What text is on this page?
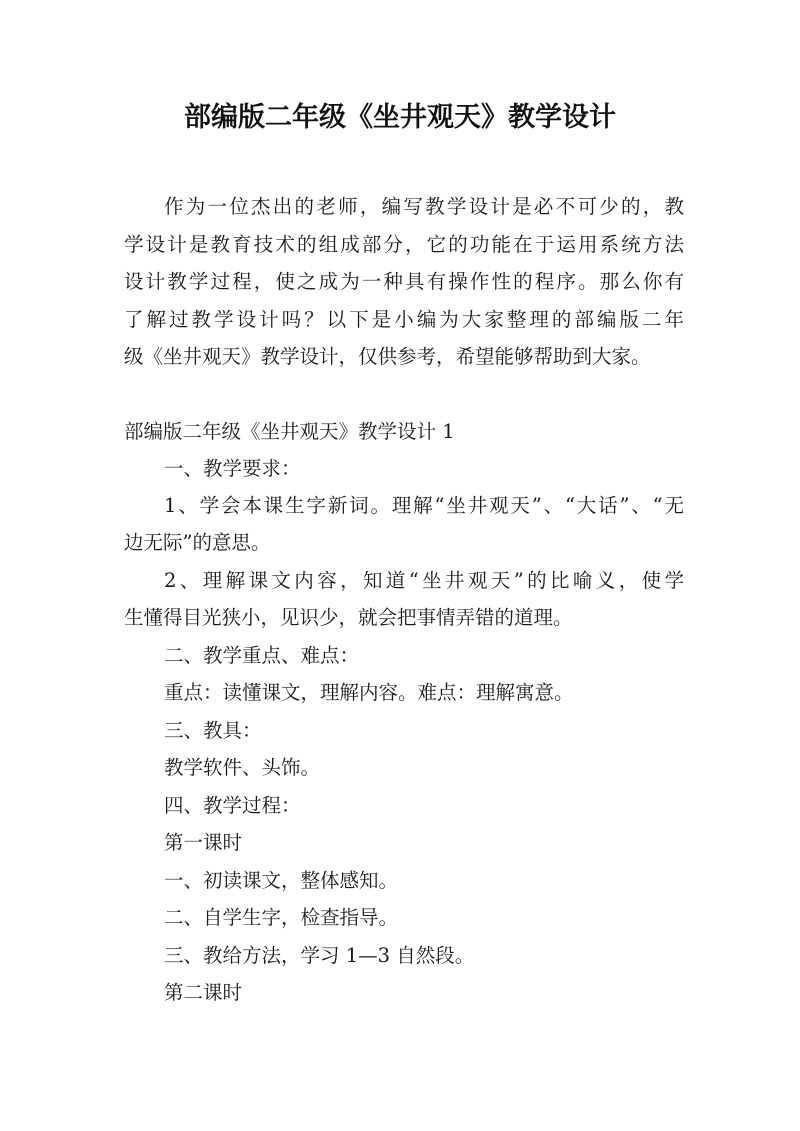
部编版二年级《坐井观天》教学设计
作为一位杰出的老师，编写教学设计是必不可少的，教
学设计是教育技术的组成部分，它的功能在于运用系统方法
设计教学过程，使之成为一种具有操作性的程序。那么你有
了解过教学设计吗？以下是小编为大家整理的部编版二年
级《坐井观天》教学设计，仅供参考，希望能够帮助到大家。
部编版二年级《坐井观天》教学设计 1
一、教学要求：
1、学会本课生字新词。理解“坐井观天”、“大话”、“无
边无际”的意思。
2、理解课文内容，知道“坐井观天”的比喻义，使学
生懂得目光狭小，见识少，就会把事情弄错的道理。
二、教学重点、难点：
重点：读懂课文，理解内容。难点：理解寓意。
三、教具：
教学软件、头饰。
四、教学过程：
第一课时
一、初读课文，整体感知。
二、自学生字，检查指导。
三、教给方法，学习 1—3 自然段。
第二课时
